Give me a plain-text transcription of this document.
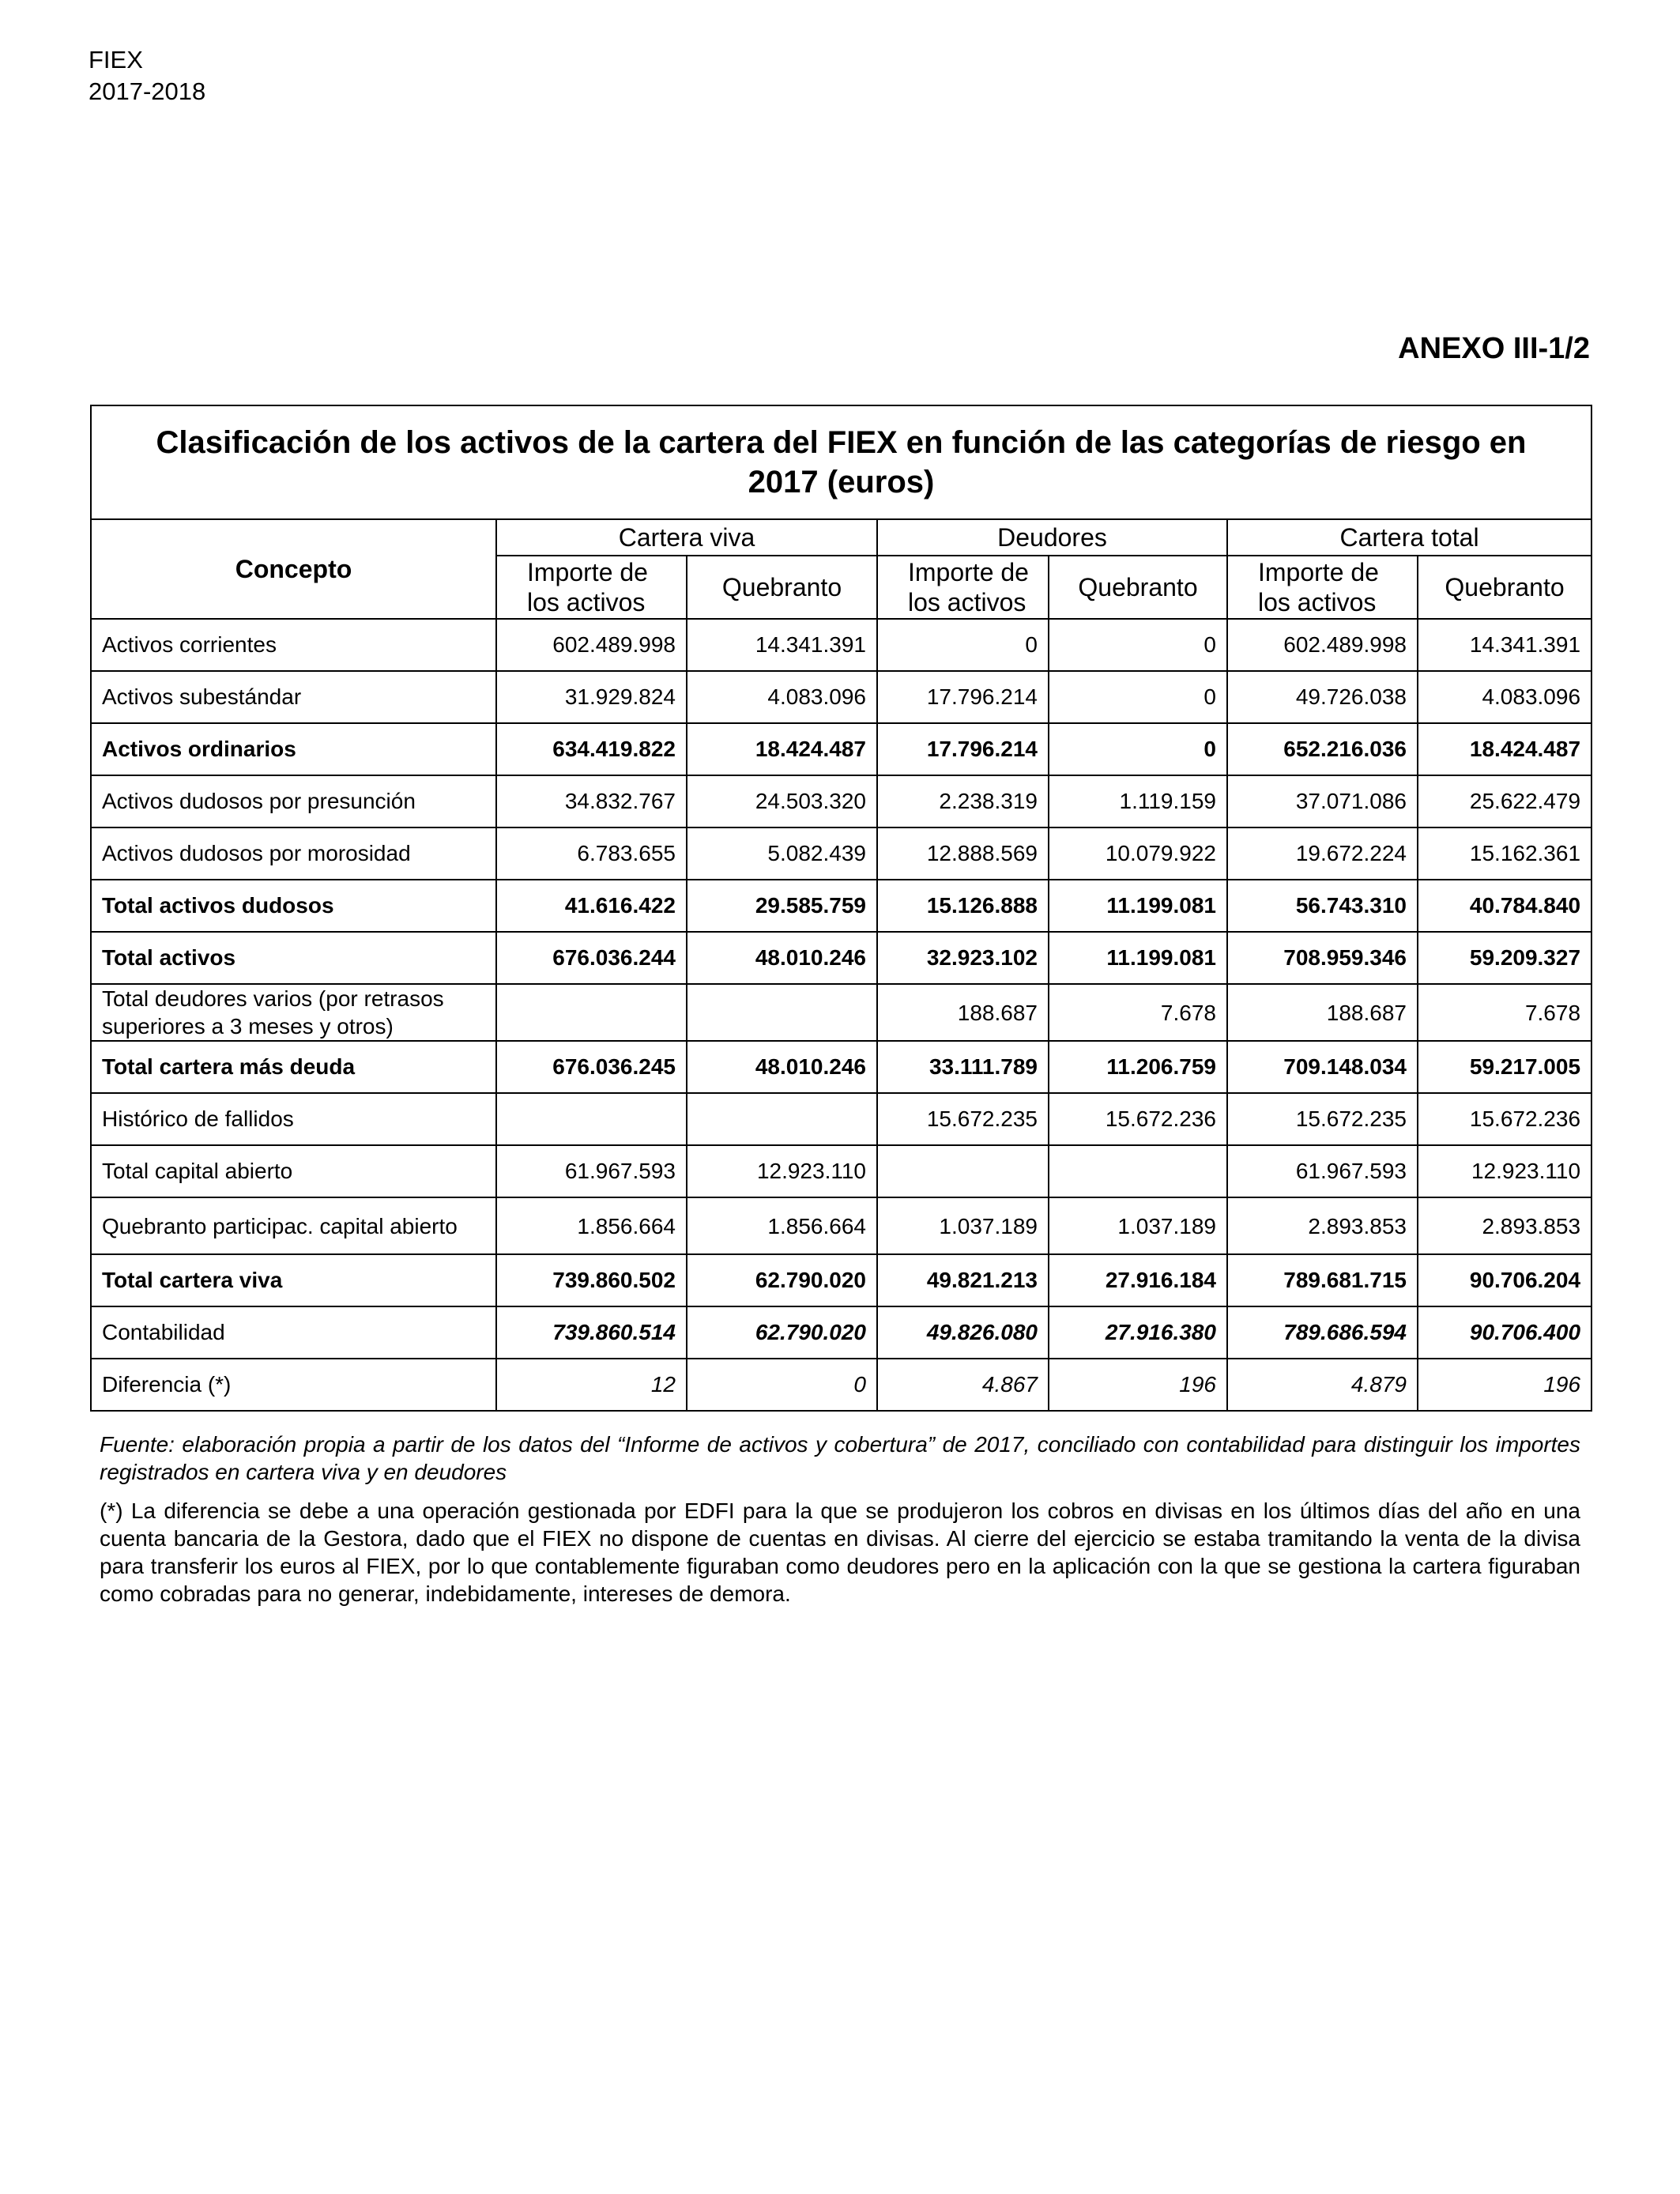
FIEX
2017-2018
ANEXO III-1/2
Clasificación de los activos de la cartera del FIEX en función de las categorías de riesgo en 2017 (euros)						
Concepto	Cartera viva		Deudores		Cartera total	
	Importe de los activos	Quebranto	Importe de los activos	Quebranto	Importe de los activos	Quebranto
Activos corrientes	602.489.998	14.341.391	0	0	602.489.998	14.341.391
Activos subestándar	31.929.824	4.083.096	17.796.214	0	49.726.038	4.083.096
Activos ordinarios	634.419.822	18.424.487	17.796.214	0	652.216.036	18.424.487
Activos dudosos por presunción	34.832.767	24.503.320	2.238.319	1.119.159	37.071.086	25.622.479
Activos dudosos por morosidad	6.783.655	5.082.439	12.888.569	10.079.922	19.672.224	15.162.361
Total activos dudosos	41.616.422	29.585.759	15.126.888	11.199.081	56.743.310	40.784.840
Total activos	676.036.244	48.010.246	32.923.102	11.199.081	708.959.346	59.209.327
Total deudores varios (por retrasos superiores a 3 meses y otros)			188.687	7.678	188.687	7.678
Total cartera más deuda	676.036.245	48.010.246	33.111.789	11.206.759	709.148.034	59.217.005
Histórico de fallidos			15.672.235	15.672.236	15.672.235	15.672.236
Total capital abierto	61.967.593	12.923.110			61.967.593	12.923.110
Quebranto participac. capital abierto	1.856.664	1.856.664	1.037.189	1.037.189	2.893.853	2.893.853
Total cartera viva	739.860.502	62.790.020	49.821.213	27.916.184	789.681.715	90.706.204
Contabilidad	739.860.514	62.790.020	49.826.080	27.916.380	789.686.594	90.706.400
Diferencia (*)	12	0	4.867	196	4.879	196

Fuente: elaboración propia a partir de los datos del “Informe de activos y cobertura” de 2017, conciliado con contabilidad para distinguir los importes registrados en cartera viva y en deudores

(*) La diferencia se debe a una operación gestionada por EDFI para la que se produjeron los cobros en divisas en los últimos días del año en una cuenta bancaria de la Gestora, dado que el FIEX no dispone de cuentas en divisas. Al cierre del ejercicio se estaba tramitando la venta de la divisa para transferir los euros al FIEX, por lo que contablemente figuraban como deudores pero en la aplicación con la que se gestiona la cartera figuraban como cobradas para no generar, indebidamente, intereses de demora.
